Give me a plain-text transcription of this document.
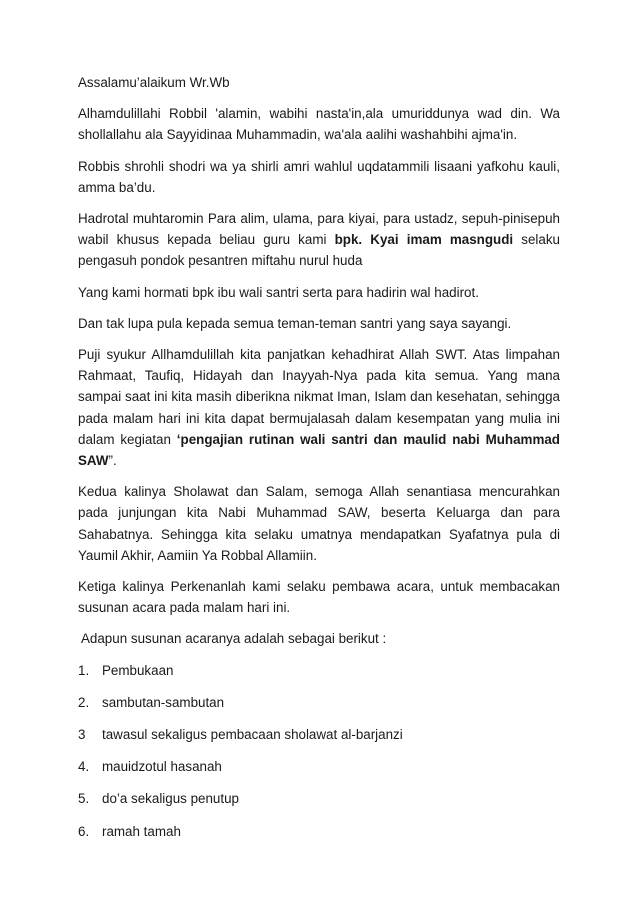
Assalamu’alaikum Wr.Wb

Alhamdulillahi Robbil 'alamin, wabihi nasta'in,ala umuriddunya wad din. Wa shollallahu ala Sayyidinaa Muhammadin, wa'ala aalihi washahbihi ajma'in.

Robbis shrohli shodri wa ya shirli amri wahlul uqdatammili lisaani yafkohu kauli, amma ba’du.

Hadrotal muhtaromin Para alim, ulama, para kiyai, para ustadz, sepuh-pinisepuh wabil khusus kepada beliau guru kami bpk. Kyai imam masngudi selaku pengasuh pondok pesantren miftahu nurul huda

Yang kami hormati bpk ibu wali santri serta para hadirin wal hadirot.

Dan tak lupa pula kepada semua teman-teman santri yang saya sayangi.

Puji syukur Allhamdulillah kita panjatkan kehadhirat Allah SWT. Atas limpahan Rahmaat, Taufiq, Hidayah dan Inayyah-Nya pada kita semua. Yang mana sampai saat ini kita masih diberikna nikmat Iman, Islam dan kesehatan, sehingga pada malam hari ini kita dapat bermujalasah dalam kesempatan yang mulia ini dalam kegiatan ‘pengajian rutinan wali santri dan maulid nabi Muhammad SAW”.

Kedua kalinya Sholawat dan Salam, semoga Allah senantiasa mencurahkan pada junjungan kita Nabi Muhammad SAW, beserta Keluarga dan para Sahabatnya. Sehingga kita selaku umatnya mendapatkan Syafatnya pula di Yaumil Akhir, Aamiin Ya Robbal Allamiin.

Ketiga kalinya Perkenanlah kami selaku pembawa acara, untuk membacakan susunan acara pada malam hari ini.

Adapun susunan acaranya adalah sebagai berikut :

1. Pembukaan
2. sambutan-sambutan
3	tawasul sekaligus pembacaan sholawat al-barjanzi
4. mauidzotul hasanah
5. do’a sekaligus penutup
6. ramah tamah
